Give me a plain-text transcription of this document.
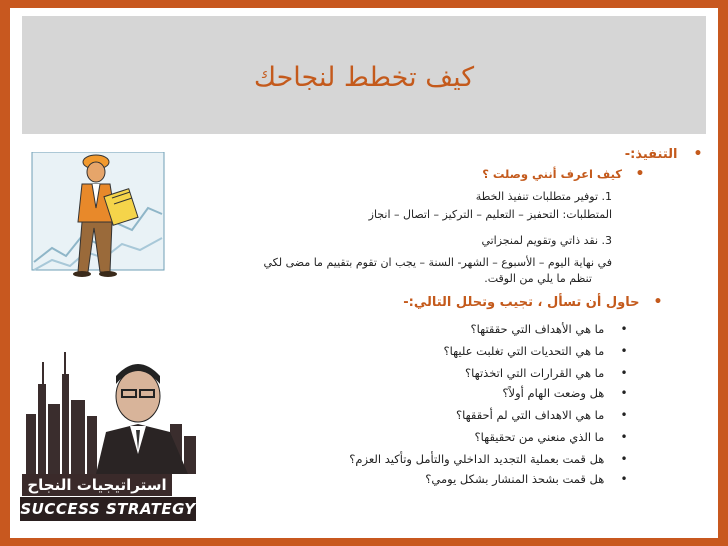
كيف تخطط لنجاحك
استراتيجيات النجاح
SUCCESS STRATEGY
• التنفيذ:-
• كيف اعرف أنني وصلت ؟
1. توفير متطلبات تنفيذ الخطة
المتطلبات: التحفيز – التعليم – التركيز – اتصال – انجاز
3. نقد ذاتي وتقويم لمنجزاتي
في نهاية اليوم – الأسبوع – الشهر- السنة – يجب ان تقوم بتقييم ما مضى لكي
تنظم ما يلي من الوقت.
• حاول أن تسأل ، تجيب وتحلل التالي:-
• ما هي الأهداف التي حققتها؟
• ما هي التحديات التي تغلبت عليها؟
• ما هي القرارات التي اتخذتها؟
• هل وضعت الهام أولاً؟
• ما هي الاهداف التي لم أحققها؟
• ما الذي منعني من تحقيقها؟
• هل قمت بعملية التجديد الداخلي والتأمل وتأكيد العزم؟
• هل قمت بشحذ المنشار بشكل يومي؟
